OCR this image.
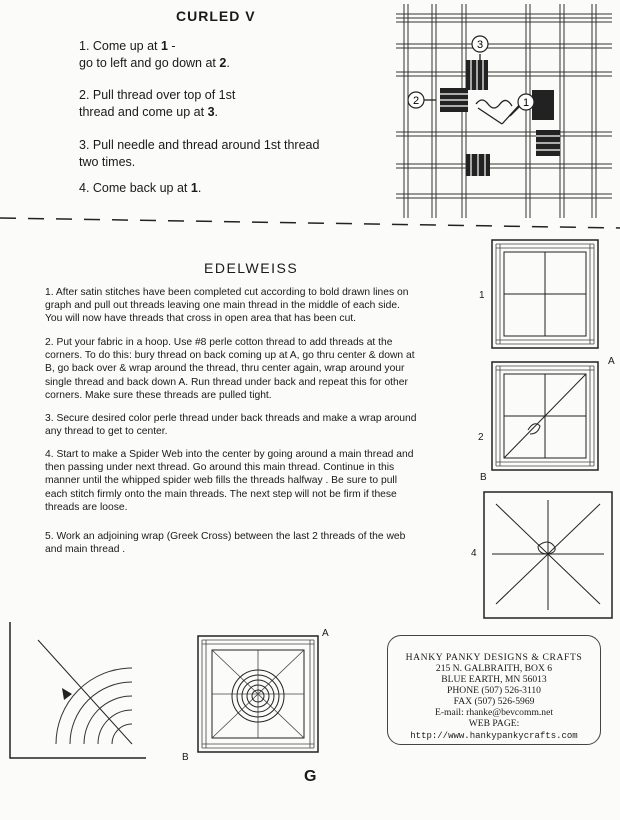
CURLED V
1. Come up at 1 -
go to left and go down at 2.
2. Pull thread over top of 1st
thread and come up at 3.
3. Pull needle and thread around 1st thread
two times.
4. Come back up at 1.
3
2	1
EDELWEISS
1. After satin stitches have been completed cut according to bold drawn lines on
graph and pull out threads leaving one main thread in the middle of each side.
You will now have threads that cross in open area that has been cut.
2. Put your fabric in a hoop. Use #8 perle cotton thread to add threads at the
corners. To do this: bury thread on back coming up at A, go thru center & down at
B, go back over & wrap around the thread, thru center again, wrap around your
single thread and back down A. Run thread under back and repeat this for other
corners. Make sure these threads are pulled tight.
3. Secure desired color perle thread under back threads and make a wrap around
any thread to get to center.
4. Start to make a Spider Web into the center by going around a main thread and
then passing under next thread. Go around this main thread. Continue in this
manner until the whipped spider web fills the threads halfway . Be sure to pull
each stitch firmly onto the main threads. The next step will not be firm if these
threads are loose.
5. Work an adjoining wrap (Greek Cross) between the last 2 threads of the web
and main thread .
1
2
A
B
4
A
B
HANKY PANKY DESIGNS & CRAFTS
215 N. GALBRAITH, BOX 6
BLUE EARTH, MN 56013
PHONE (507) 526-3110
FAX (507) 526-5969
E-mail: rhanke@bevcomm.net
WEB PAGE:
http://www.hankypankycrafts.com
G
